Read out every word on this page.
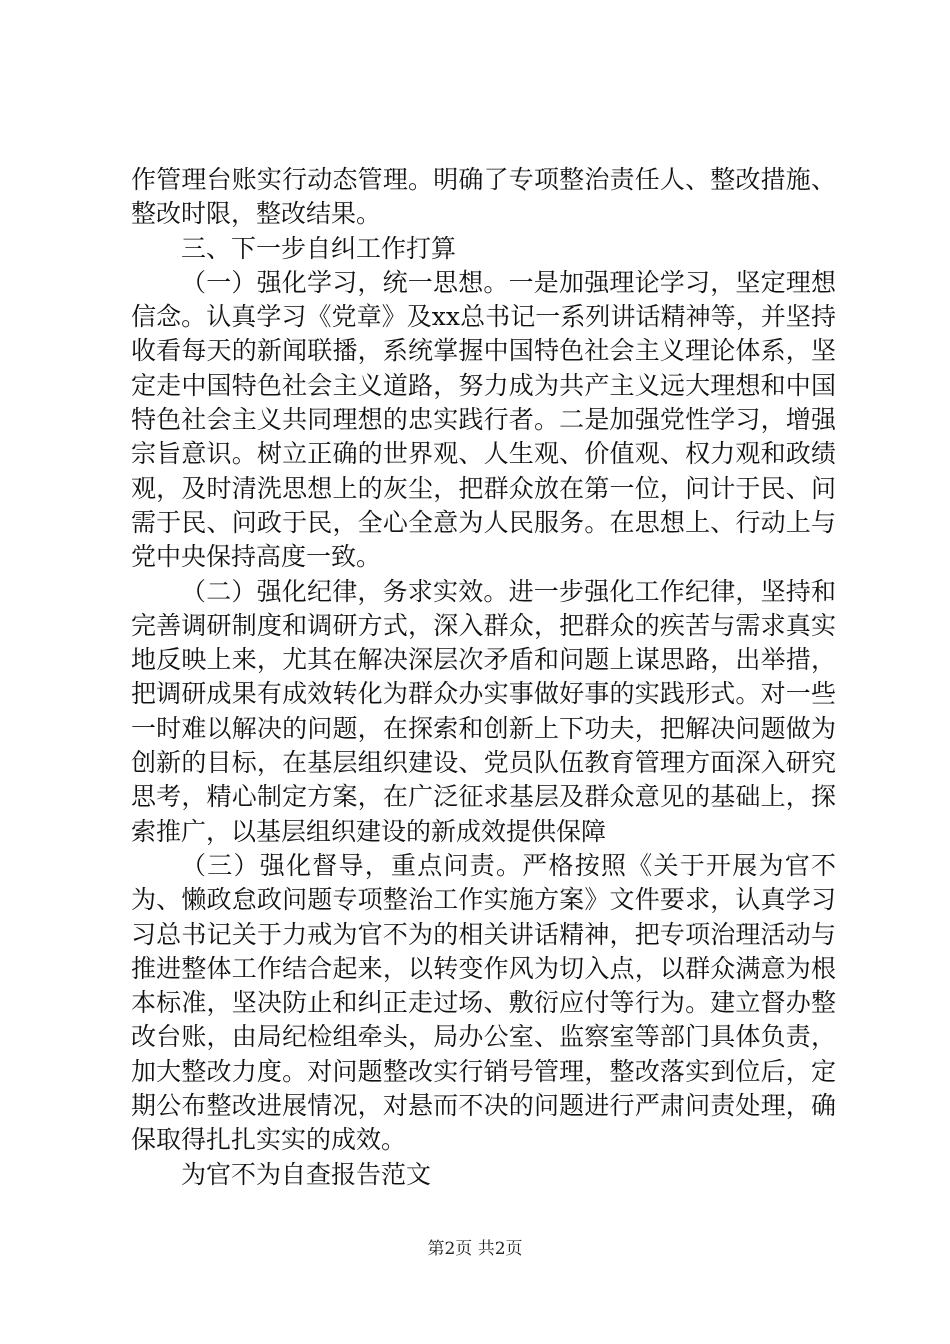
作管理台账实行动态管理。明确了专项整治责任人、整改措施、整改时限，整改结果。

三、下一步自纠工作打算

（一）强化学习，统一思想。一是加强理论学习，坚定理想信念。认真学习《党章》及xx总书记一系列讲话精神等，并坚持收看每天的新闻联播，系统掌握中国特色社会主义理论体系，坚定走中国特色社会主义道路，努力成为共产主义远大理想和中国特色社会主义共同理想的忠实践行者。二是加强党性学习，增强宗旨意识。树立正确的世界观、人生观、价值观、权力观和政绩观，及时清洗思想上的灰尘，把群众放在第一位，问计于民、问需于民、问政于民，全心全意为人民服务。在思想上、行动上与党中央保持高度一致。

（二）强化纪律，务求实效。进一步强化工作纪律，坚持和完善调研制度和调研方式，深入群众，把群众的疾苦与需求真实地反映上来，尤其在解决深层次矛盾和问题上谋思路，出举措，把调研成果有成效转化为群众办实事做好事的实践形式。对一些一时难以解决的问题，在探索和创新上下功夫，把解决问题做为创新的目标，在基层组织建设、党员队伍教育管理方面深入研究思考，精心制定方案，在广泛征求基层及群众意见的基础上，探索推广，以基层组织建设的新成效提供保障

（三）强化督导，重点问责。严格按照《关于开展为官不为、懒政怠政问题专项整治工作实施方案》文件要求，认真学习习总书记关于力戒为官不为的相关讲话精神，把专项治理活动与推进整体工作结合起来，以转变作风为切入点，以群众满意为根本标准，坚决防止和纠正走过场、敷衍应付等行为。建立督办整改台账，由局纪检组牵头，局办公室、监察室等部门具体负责，加大整改力度。对问题整改实行销号管理，整改落实到位后，定期公布整改进展情况，对悬而不决的问题进行严肃问责处理，确保取得扎扎实实的成效。

为官不为自查报告范文

第2页 共2页
